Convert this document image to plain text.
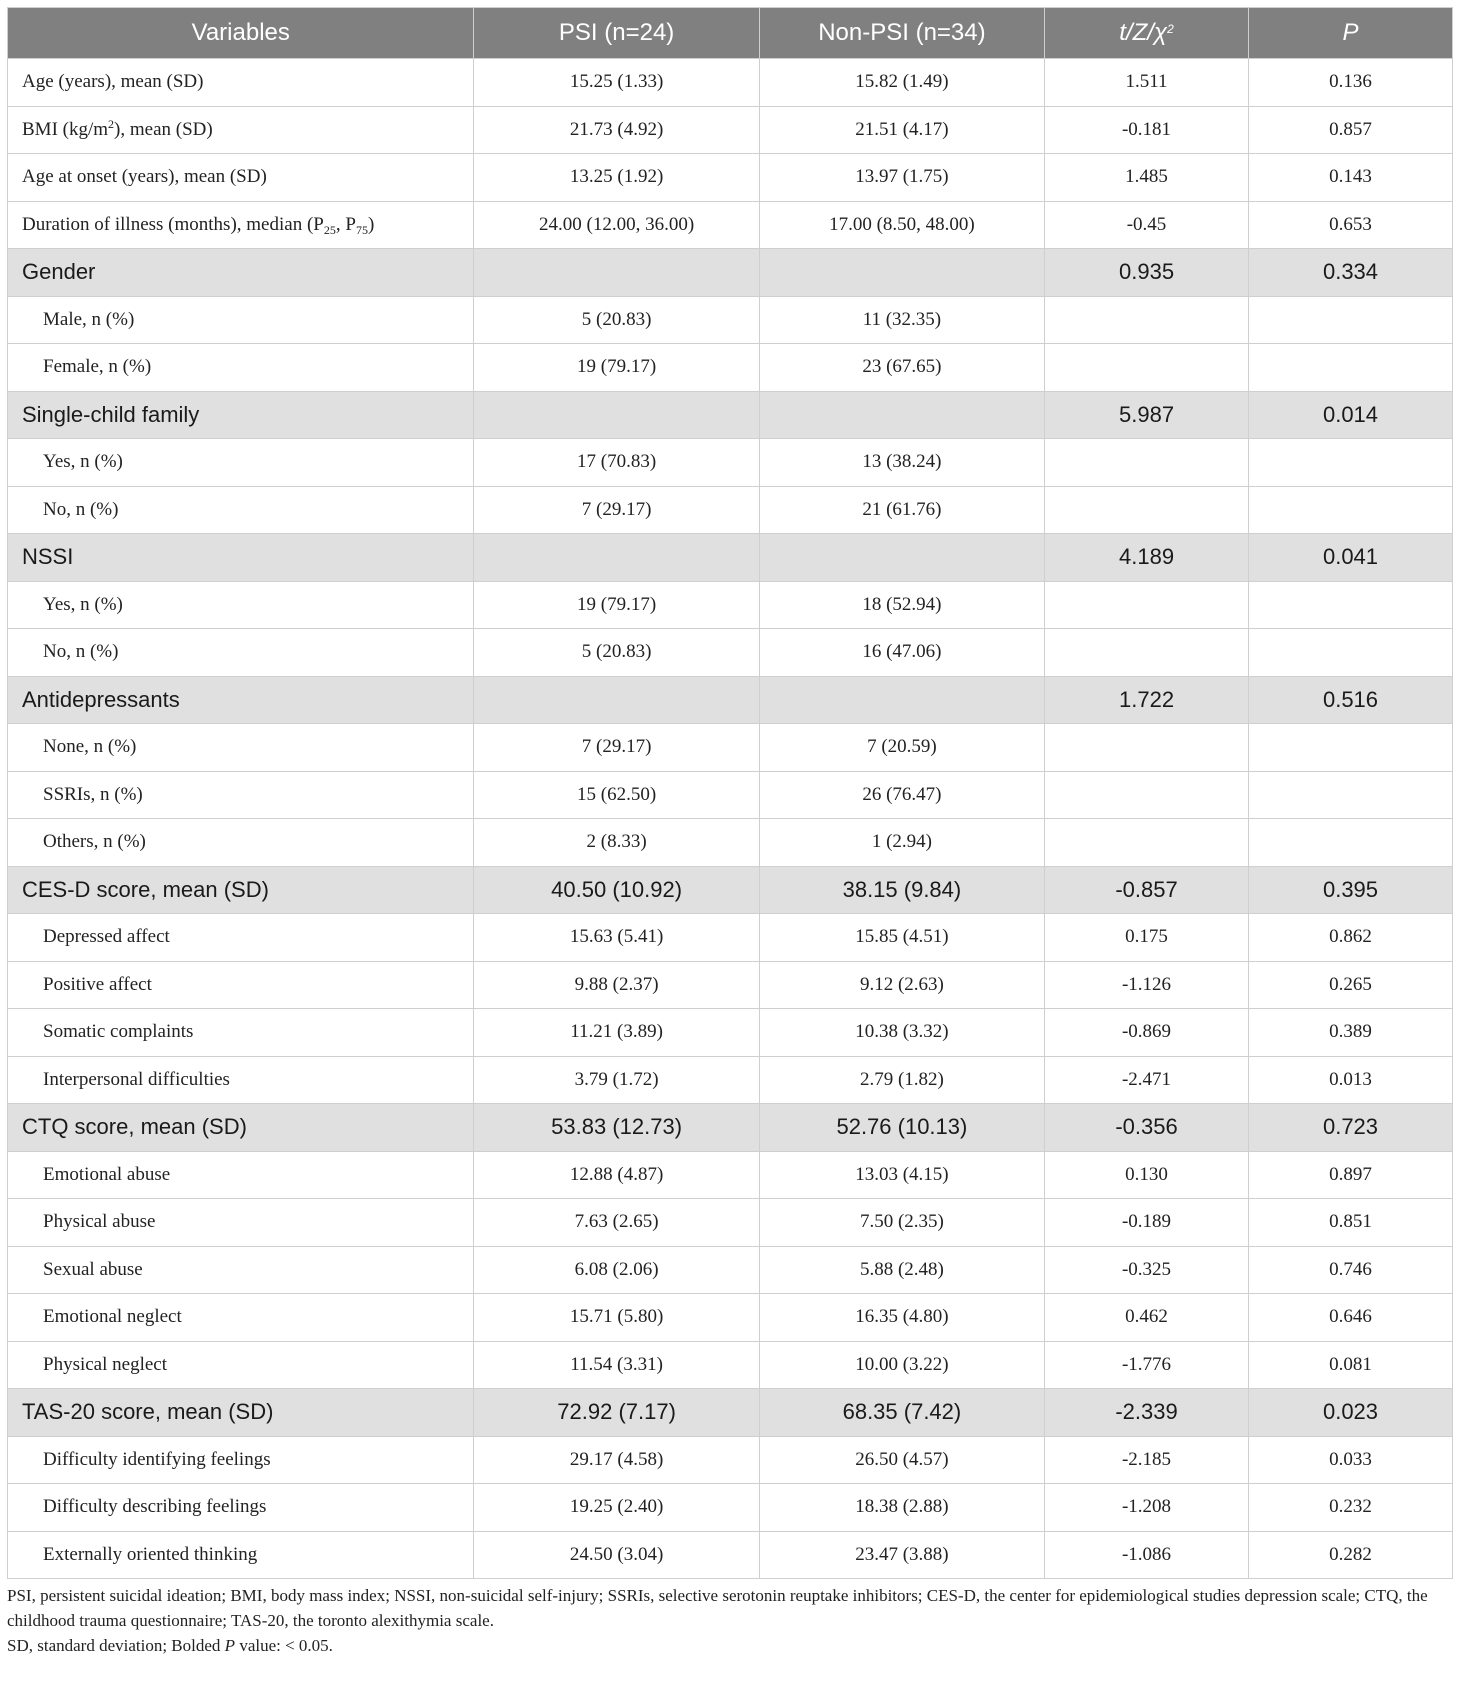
Variables	PSI (n=24)	Non-PSI (n=34)	$t/Z/\chi^2$	P
Age (years), mean (SD)	15.25 (1.33)	15.82 (1.49)	1.511	0.136
BMI $(kg/m^2)$, mean (SD)	21.73 (4.92)	21.51 (4.17)	-0.181	0.857
Age at onset (years), mean (SD)	13.25 (1.92)	13.97 (1.75)	1.485	0.143
Duration of illness (months), median ($P_{25}$, $P_{75}$)	24.00 (12.00, 36.00)	17.00 (8.50, 48.00)	-0.45	0.653
Gender			0.935	0.334
Male, n (%)	5 (20.83)	11 (32.35)		
Female, n (%)	19 (79.17)	23 (67.65)		
Single-child family			5.987	0.014
Yes, n (%)	17 (70.83)	13 (38.24)		
No, n (%)	7 (29.17)	21 (61.76)		
NSSI			4.189	0.041
Yes, n (%)	19 (79.17)	18 (52.94)		
No, n (%)	5 (20.83)	16 (47.06)		
Antidepressants			1.722	0.516
None, n (%)	7 (29.17)	7 (20.59)		
SSRIs, n (%)	15 (62.50)	26 (76.47)		
Others, n (%)	2 (8.33)	1 (2.94)		
CES-D score, mean (SD)	40.50 (10.92)	38.15 (9.84)	-0.857	0.395
Depressed affect	15.63 (5.41)	15.85 (4.51)	0.175	0.862
Positive affect	9.88 (2.37)	9.12 (2.63)	-1.126	0.265
Somatic complaints	11.21 (3.89)	10.38 (3.32)	-0.869	0.389
Interpersonal difficulties	3.79 (1.72)	2.79 (1.82)	-2.471	0.013
CTQ score, mean (SD)	53.83 (12.73)	52.76 (10.13)	-0.356	0.723
Emotional abuse	12.88 (4.87)	13.03 (4.15)	0.130	0.897
Physical abuse	7.63 (2.65)	7.50 (2.35)	-0.189	0.851
Sexual abuse	6.08 (2.06)	5.88 (2.48)	-0.325	0.746
Emotional neglect	15.71 (5.80)	16.35 (4.80)	0.462	0.646
Physical neglect	11.54 (3.31)	10.00 (3.22)	-1.776	0.081
TAS-20 score, mean (SD)	72.92 (7.17)	68.35 (7.42)	-2.339	0.023
Difficulty identifying feelings	29.17 (4.58)	26.50 (4.57)	-2.185	0.033
Difficulty describing feelings	19.25 (2.40)	18.38 (2.88)	-1.208	0.232
Externally oriented thinking	24.50 (3.04)	23.47 (3.88)	-1.086	0.282

PSI, persistent suicidal ideation; BMI, body mass index; NSSI, non-suicidal self-injury; SSRIs, selective serotonin reuptake inhibitors; CES-D, the center for epidemiological studies depression scale; CTQ, the childhood trauma questionnaire; TAS-20, the toronto alexithymia scale.

SD, standard deviation; Bolded P value: < 0.05.
